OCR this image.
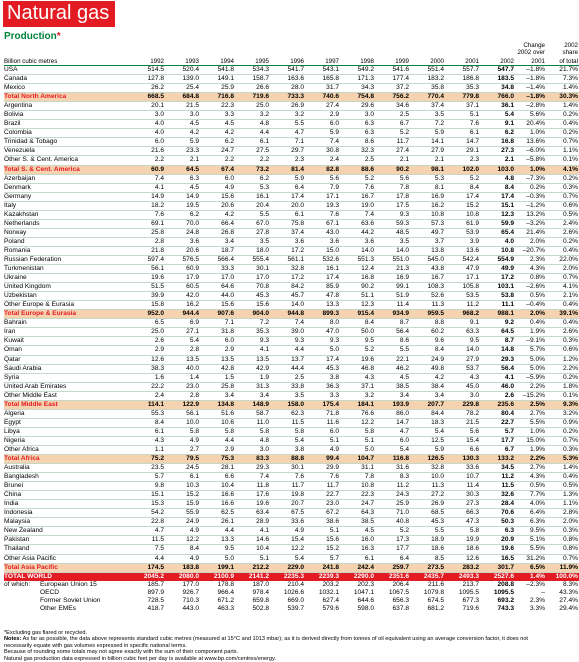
Natural gas
Production*
												Change	2002
												2002 over	share
Billion cubic metres	1992	1993	1994	1995	1996	1997	1998	1999	2000	2001	2002	2001	of total
USA	514.5	520.4	541.8	534.3	541.7	543.1	549.2	541.6	551.4	557.7	547.7	–1.8%	21.7%
Canada	127.8	139.0	149.1	158.7	163.6	165.8	171.3	177.4	183.2	186.8	183.5	–1.8%	7.3%
Mexico	26.2	25.4	25.9	26.6	28.0	31.7	34.3	37.2	35.8	35.3	34.8	–1.4%	1.4%
Total North America	668.5	684.8	716.8	719.6	733.3	740.6	754.8	756.2	770.4	779.8	766.0	–1.8%	30.3%
Argentina	20.1	21.5	22.3	25.0	26.9	27.4	29.6	34.6	37.4	37.1	36.1	–2.8%	1.4%
Bolivia	3.0	3.0	3.3	3.2	3.2	2.9	3.0	2.5	3.5	5.1	5.4	5.6%	0.2%
Brazil	4.0	4.5	4.5	4.8	5.5	6.0	6.3	6.7	7.2	7.6	9.1	20.4%	0.4%
Colombia	4.0	4.2	4.2	4.4	4.7	5.9	6.3	5.2	5.9	6.1	6.2	1.0%	0.2%
Trinidad & Tobago	6.0	5.9	6.2	6.1	7.1	7.4	8.6	11.7	14.1	14.7	16.8	13.6%	0.7%
Venezuela	21.6	23.3	24.7	27.5	29.7	30.8	32.3	27.4	27.9	29.1	27.3	–6.0%	1.1%
Other S. & Cent. America	2.2	2.1	2.2	2.2	2.3	2.4	2.5	2.1	2.1	2.3	2.1	–5.8%	0.1%
Total S. & Cent. America	60.9	64.5	67.4	73.2	81.4	82.8	88.6	90.2	98.1	102.0	103.0	1.0%	4.1%
Azerbaijan	7.4	6.3	6.0	6.2	5.9	5.6	5.2	5.6	5.3	5.2	4.8	–7.3%	0.2%
Denmark	4.1	4.5	4.9	5.3	6.4	7.9	7.6	7.8	8.1	8.4	8.4	0.2%	0.3%
Germany	14.9	14.9	15.6	16.1	17.4	17.1	16.7	17.8	16.9	17.4	17.4	–0.3%	0.7%
Italy	18.2	19.5	20.6	20.4	20.0	19.3	19.0	17.5	16.2	15.2	15.1	–1.2%	0.6%
Kazakhstan	7.6	6.2	4.2	5.5	6.1	7.6	7.4	9.3	10.8	10.8	12.3	13.2%	0.5%
Netherlands	69.1	70.0	66.4	67.0	75.8	67.1	63.6	59.3	57.3	61.9	59.9	–3.2%	2.4%
Norway	25.8	24.8	26.8	27.8	37.4	43.0	44.2	48.5	49.7	53.9	65.4	21.4%	2.6%
Poland	2.8	3.6	3.4	3.5	3.6	3.6	3.6	3.5	3.7	3.9	4.0	2.0%	0.2%
Romania	21.8	20.6	18.7	18.0	17.2	15.0	14.0	14.0	13.8	13.6	10.8	–20.7%	0.4%
Russian Federation	597.4	576.5	566.4	555.4	561.1	532.6	551.3	551.0	545.0	542.4	554.9	2.3%	22.0%
Turkmenistan	56.1	60.9	33.3	30.1	32.8	16.1	12.4	21.3	43.8	47.9	49.9	4.3%	2.0%
Ukraine	19.6	17.9	17.0	17.0	17.2	17.4	16.8	16.9	16.7	17.1	17.2	0.8%	0.7%
United Kingdom	51.5	60.5	64.6	70.8	84.2	85.9	90.2	99.1	108.3	105.8	103.1	–2.6%	4.1%
Uzbekistan	39.9	42.0	44.0	45.3	45.7	47.8	51.1	51.9	52.6	53.5	53.8	0.5%	2.1%
Other Europe & Eurasia	15.8	16.2	15.6	15.6	14.0	13.3	12.3	11.4	11.3	11.2	11.1	–0.4%	0.4%
Total Europe & Eurasia	952.0	944.4	907.6	904.0	944.8	899.3	915.4	934.9	959.5	968.2	988.1	2.0%	39.1%
Bahrain	6.5	6.9	7.1	7.2	7.4	8.0	8.4	8.7	8.8	9.1	9.2	0.4%	0.4%
Iran	25.0	27.1	31.8	35.3	39.0	47.0	50.0	56.4	60.2	63.3	64.5	1.9%	2.6%
Kuwait	2.6	5.4	6.0	9.3	9.3	9.3	9.5	8.6	9.6	9.5	8.7	–9.1%	0.3%
Oman	2.9	2.8	2.9	4.1	4.4	5.0	5.2	5.5	8.4	14.0	14.8	5.7%	0.6%
Qatar	12.6	13.5	13.5	13.5	13.7	17.4	19.6	22.1	24.9	27.9	29.3	5.0%	1.2%
Saudi Arabia	38.3	40.0	42.8	42.9	44.4	45.3	46.8	46.2	49.8	53.7	56.4	5.0%	2.2%
Syria	1.6	1.4	1.5	1.9	2.5	3.8	4.3	4.5	4.2	4.3	4.1	–5.9%	0.2%
United Arab Emirates	22.2	23.0	25.8	31.3	33.8	36.3	37.1	38.5	38.4	45.0	46.0	2.2%	1.8%
Other Middle East	2.4	2.8	3.4	3.4	3.5	3.3	3.2	3.4	3.4	3.0	2.6	–15.2%	0.1%
Total Middle East	114.1	122.9	134.8	148.9	158.0	175.4	184.1	193.9	207.7	229.8	235.6	2.5%	9.3%
Algeria	55.3	56.1	51.6	58.7	62.3	71.8	76.6	86.0	84.4	78.2	80.4	2.7%	3.2%
Egypt	8.4	10.0	10.6	11.0	11.5	11.6	12.2	14.7	18.3	21.5	22.7	5.5%	0.9%
Libya	6.1	5.8	5.8	5.8	5.8	6.0	5.8	4.7	5.4	5.6	5.7	1.0%	0.2%
Nigeria	4.3	4.9	4.4	4.8	5.4	5.1	5.1	6.0	12.5	15.4	17.7	15.0%	0.7%
Other Africa	1.1	2.7	2.9	3.0	3.8	4.9	5.0	5.4	5.9	6.6	6.7	1.9%	0.3%
Total Africa	75.2	79.5	75.3	83.3	88.8	99.4	104.7	116.8	126.5	130.3	133.2	2.2%	5.3%
Australia	23.5	24.5	28.1	29.3	30.1	29.9	31.1	31.6	32.8	33.6	34.5	2.7%	1.4%
Bangladesh	5.7	6.1	6.6	7.4	7.6	7.6	7.8	8.3	10.0	10.7	11.2	4.3%	0.4%
Brunei	9.8	10.3	10.4	11.8	11.7	11.7	10.8	11.2	11.3	11.4	11.5	0.5%	0.5%
China	15.1	15.2	16.6	17.6	19.8	22.7	22.3	24.3	27.2	30.3	32.6	7.7%	1.3%
India	15.3	15.9	16.6	19.6	20.7	23.0	24.7	25.9	26.9	27.3	28.4	4.0%	1.1%
Indonesia	54.2	55.9	62.5	63.4	67.5	67.2	64.3	71.0	68.5	66.3	70.6	6.4%	2.8%
Malaysia	22.8	24.9	26.1	28.9	33.6	38.6	38.5	40.8	45.3	47.3	50.3	6.3%	2.0%
New Zealand	4.7	4.9	4.4	4.1	4.9	5.1	4.5	5.2	5.5	5.8	6.3	9.5%	0.3%
Pakistan	11.5	12.2	13.3	14.6	15.4	15.6	16.0	17.3	18.9	19.9	20.9	5.1%	0.8%
Thailand	7.5	8.4	9.5	10.4	12.2	15.2	16.3	17.7	18.6	18.6	19.6	5.5%	0.8%
Other Asia Pacific	4.4	4.9	5.0	5.1	5.4	5.7	6.1	6.4	8.5	12.6	16.5	31.2%	0.7%
Total Asia Pacific	174.5	183.8	199.1	212.2	229.0	241.8	242.4	259.7	273.5	283.2	301.7	6.5%	11.9%
TOTAL WORLD	2045.2	2080.0	2100.9	2141.2	2235.3	2239.3	2290.0	2351.6	2435.7	2493.3	2527.6	1.4%	100.0%
of which: European Union 15	185.7	177.0	178.8	187.0	210.4	203.2	202.3	206.4	211.6	213.7	208.8	–2.3%	8.3%
OECD	897.9	926.7	966.4	978.4	1026.6	1032.1	1047.1	1067.5	1079.8	1095.5	1095.5	–	43.3%
Former Soviet Union	728.5	710.3	671.2	659.8	669.0	627.4	644.6	656.3	674.5	677.3	693.2	2.3%	27.4%
Other EMEs	418.7	443.0	463.3	502.8	539.7	579.6	598.0	637.8	681.2	719.6	743.3	3.3%	29.4%
*Excluding gas flared or recycled.
Notes: As far as possible, the data above represents standard cubic metres (measured at 15°C and 1013 mbar); as it is derived directly from tonnes of oil equivalent using an average conversion factor, it does not necessarily equate with gas volumes expressed in specific national terms.
Because of rounding some totals may not agree exactly with the sum of their component parts.
Natural gas production data expressed in billion cubic feet per day is available at www.bp.com/centres/energy.
